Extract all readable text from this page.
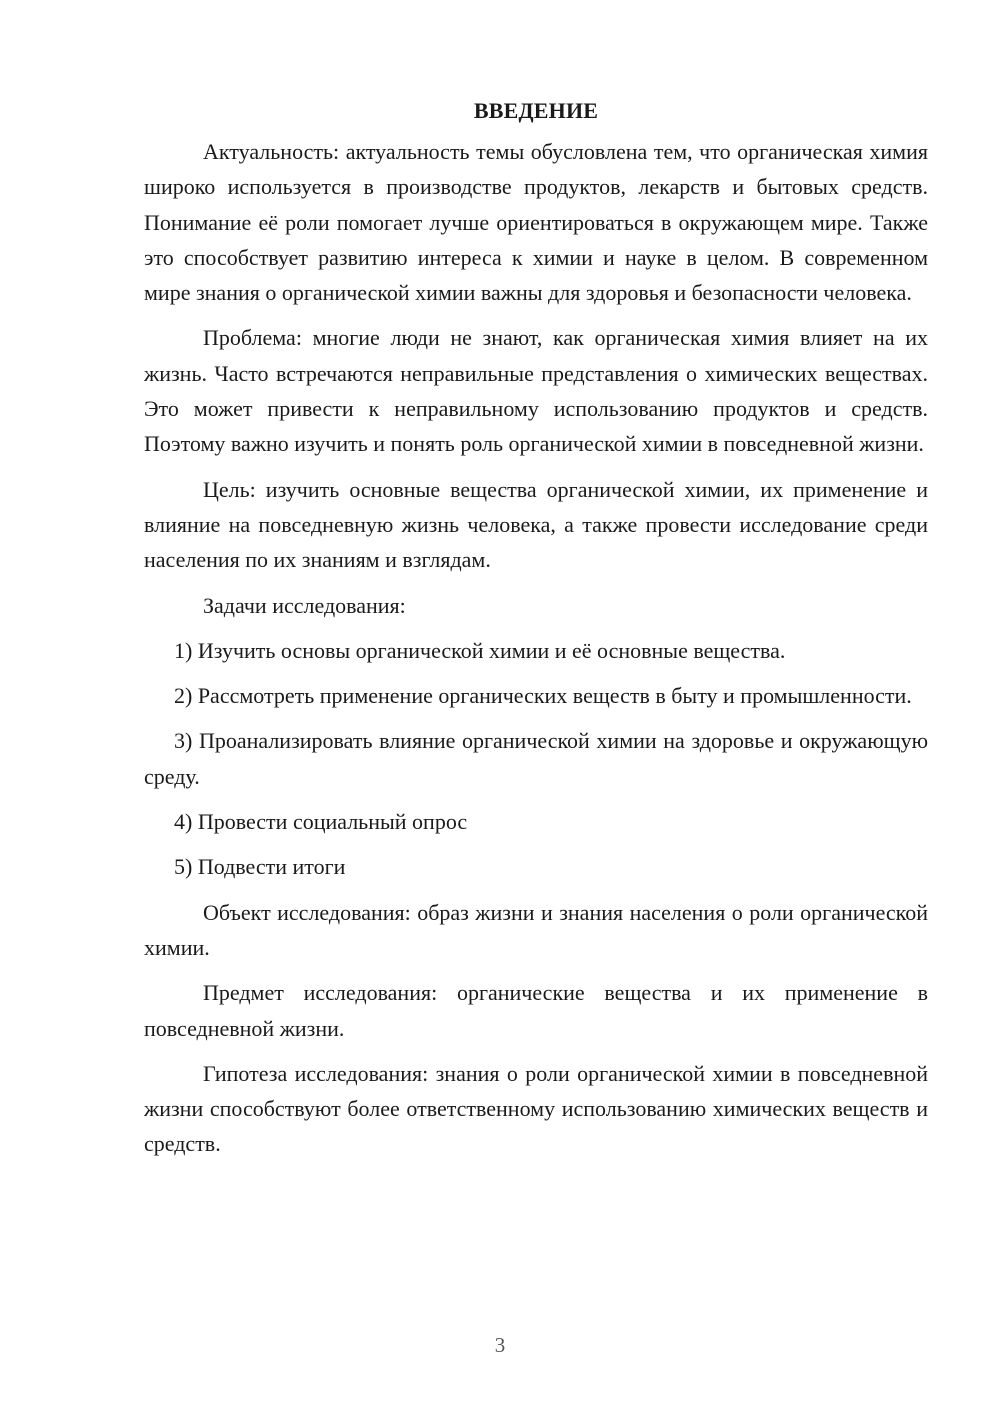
ВВЕДЕНИЕ

Актуальность: актуальность темы обусловлена тем, что органическая химия широко используется в производстве продуктов, лекарств и бытовых средств. Понимание её роли помогает лучше ориентироваться в окружающем мире. Также это способствует развитию интереса к химии и науке в целом. В современном мире знания о органической химии важны для здоровья и безопасности человека.

Проблема: многие люди не знают, как органическая химия влияет на их жизнь. Часто встречаются неправильные представления о химических веществах. Это может привести к неправильному использованию продуктов и средств. Поэтому важно изучить и понять роль органической химии в повседневной жизни.

Цель: изучить основные вещества органической химии, их применение и влияние на повседневную жизнь человека, а также провести исследование среди населения по их знаниям и взглядам.

Задачи исследования:

1) Изучить основы органической химии и её основные вещества.

2) Рассмотреть применение органических веществ в быту и промышленности.

3) Проанализировать влияние органической химии на здоровье и окружающую среду.

4) Провести социальный опрос

5) Подвести итоги

Объект исследования: образ жизни и знания населения о роли органической химии.

Предмет исследования: органические вещества и их применение в повседневной жизни.

Гипотеза исследования: знания о роли органической химии в повседневной жизни способствуют более ответственному использованию химических веществ и средств.

3
